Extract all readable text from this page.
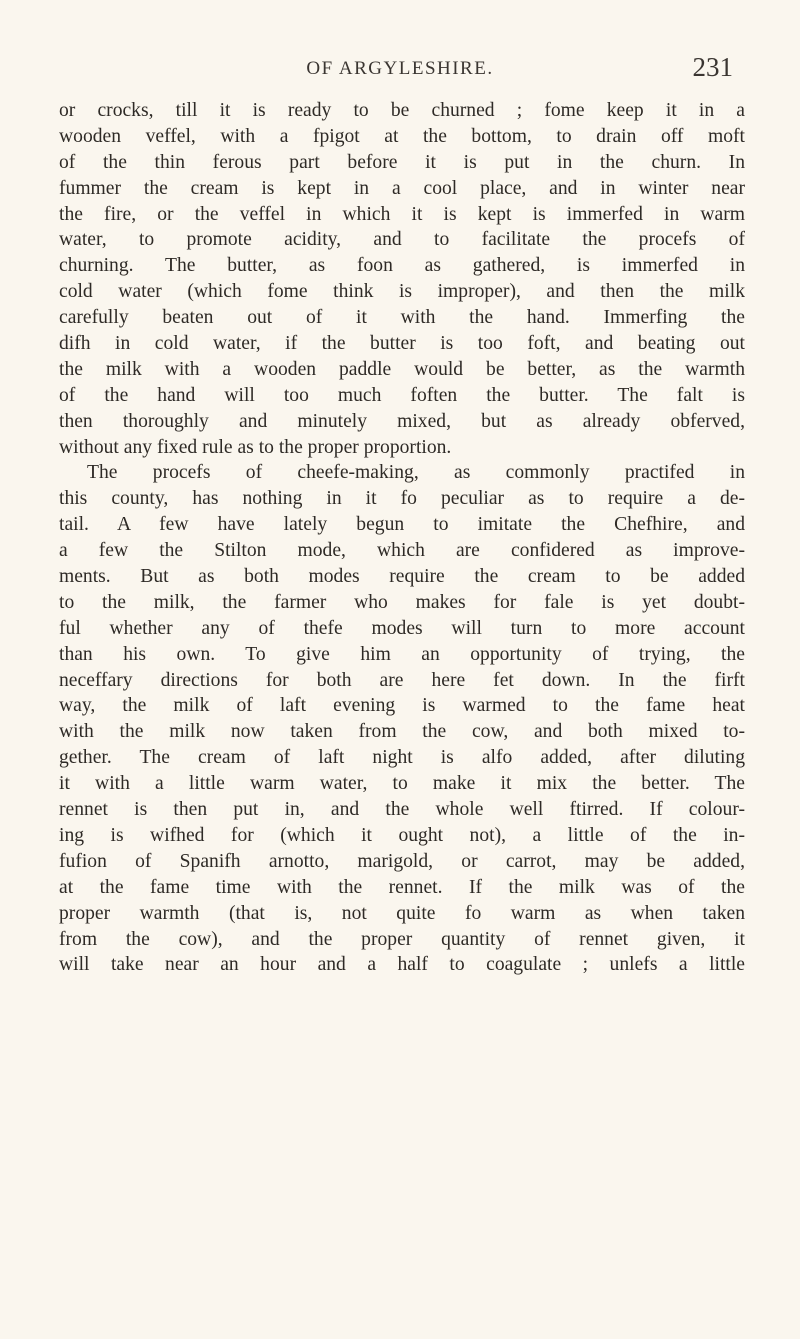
OF ARGYLESHIRE.	231
or crocks, till it is ready to be churned ; fome keep it in a
wooden veffel, with a fpigot at the bottom, to drain off moft
of the thin ferous part before it is put in the churn. In
fummer the cream is kept in a cool place, and in winter near
the fire, or the veffel in which it is kept is immerfed in warm
water, to promote acidity, and to facilitate the procefs of
churning. The butter, as foon as gathered, is immerfed in
cold water (which fome think is improper), and then the milk
carefully beaten out of it with the hand. Immerfing the
difh in cold water, if the butter is too foft, and beating out
the milk with a wooden paddle would be better, as the warmth
of the hand will too much foften the butter. The falt is
then thoroughly and minutely mixed, but as already obferved,
without any fixed rule as to the proper proportion.
The procefs of cheefe-making, as commonly practifed in
this county, has nothing in it fo peculiar as to require a de-
tail. A few have lately begun to imitate the Chefhire, and
a few the Stilton mode, which are confidered as improve-
ments. But as both modes require the cream to be added
to the milk, the farmer who makes for fale is yet doubt-
ful whether any of thefe modes will turn to more account
than his own. To give him an opportunity of trying, the
neceffary directions for both are here fet down. In the firft
way, the milk of laft evening is warmed to the fame heat
with the milk now taken from the cow, and both mixed to-
gether. The cream of laft night is alfo added, after diluting
it with a little warm water, to make it mix the better. The
rennet is then put in, and the whole well ftirred. If colour-
ing is wifhed for (which it ought not), a little of the in-
fufion of Spanifh arnotto, marigold, or carrot, may be added,
at the fame time with the rennet. If the milk was of the
proper warmth (that is, not quite fo warm as when taken
from the cow), and the proper quantity of rennet given, it
will take near an hour and a half to coagulate ; unlefs a little
